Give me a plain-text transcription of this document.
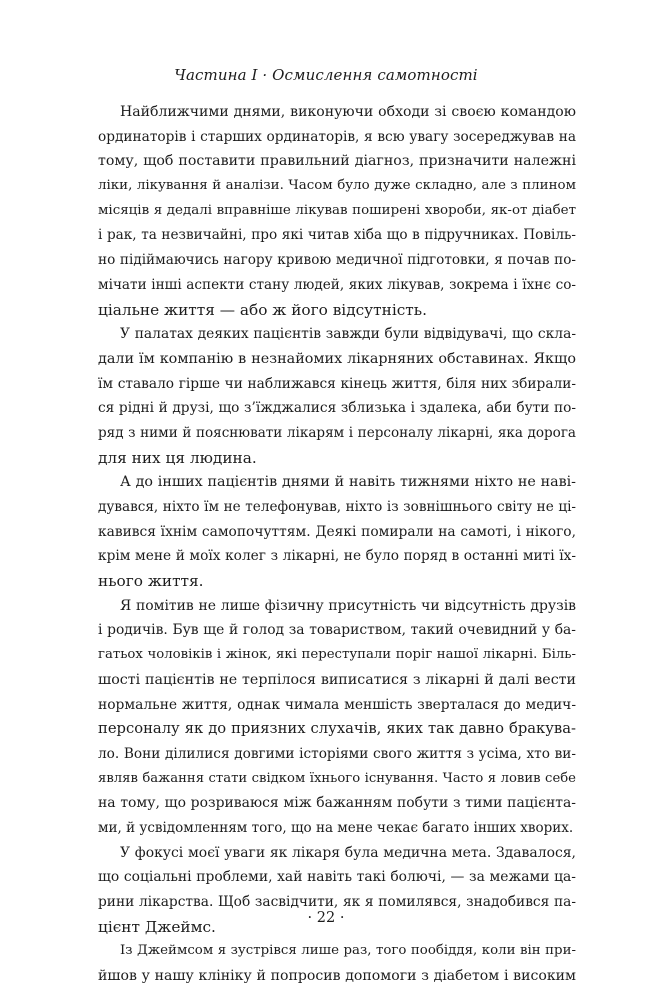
Частина I · Осмислення самотності
Найближчими днями, виконуючи обходи зі своєю командою
ординаторів і старших ординаторів, я всю увагу зосереджував на
тому, щоб поставити правильний діагноз, призначити належні
ліки, лікування й аналізи. Часом було дуже складно, але з плином
місяців я дедалі вправніше лікував поширені хвороби, як-от діабет
і рак, та незвичайні, про які читав хіба що в підручниках. Повіль-
но підіймаючись нагору кривою медичної підготовки, я почав по-
мічати інші аспекти стану людей, яких лікував, зокрема і їхнє со-
ціальне життя — або ж його відсутність.
У палатах деяких пацієнтів завжди були відвідувачі, що скла-
дали їм компанію в незнайомих лікарняних обставинах. Якщо
їм ставало гірше чи наближався кінець життя, біля них збирали-
ся рідні й друзі, що з’їжджалися зблизька і здалека, аби бути по-
ряд з ними й пояснювати лікарям і персоналу лікарні, яка дорога
для них ця людина.
А до інших пацієнтів днями й навіть тижнями ніхто не наві-
дувався, ніхто їм не телефонував, ніхто із зовнішнього світу не ці-
кавився їхнім самопочуттям. Деякі помирали на самоті, і нікого,
крім мене й моїх колег з лікарні, не було поряд в останні миті їх-
нього життя.
Я помітив не лише фізичну присутність чи відсутність друзів
і родичів. Був ще й голод за товариством, такий очевидний у ба-
гатьох чоловіків і жінок, які переступали поріг нашої лікарні. Біль-
шості пацієнтів не терпілося виписатися з лікарні й далі вести
нормальне життя, однак чимала меншість зверталася до медич-
персоналу як до приязних слухачів, яких так давно бракува-
ло. Вони ділилися довгими історіями свого життя з усіма, хто ви-
являв бажання стати свідком їхнього існування. Часто я ловив себе
на тому, що розриваюся між бажанням побути з тими пацієнта-
ми, й усвідомленням того, що на мене чекає багато інших хворих.
У фокусі моєї уваги як лікаря була медична мета. Здавалося,
що соціальні проблеми, хай навіть такі болючі, — за межами ца-
рини лікарства. Щоб засвідчити, як я помилявся, знадобився па-
цієнт Джеймс.
Із Джеймсом я зустрівся лише раз, того пообіддя, коли він при-
йшов у нашу клініку й попросив допомоги з діабетом і високим
· 22 ·
